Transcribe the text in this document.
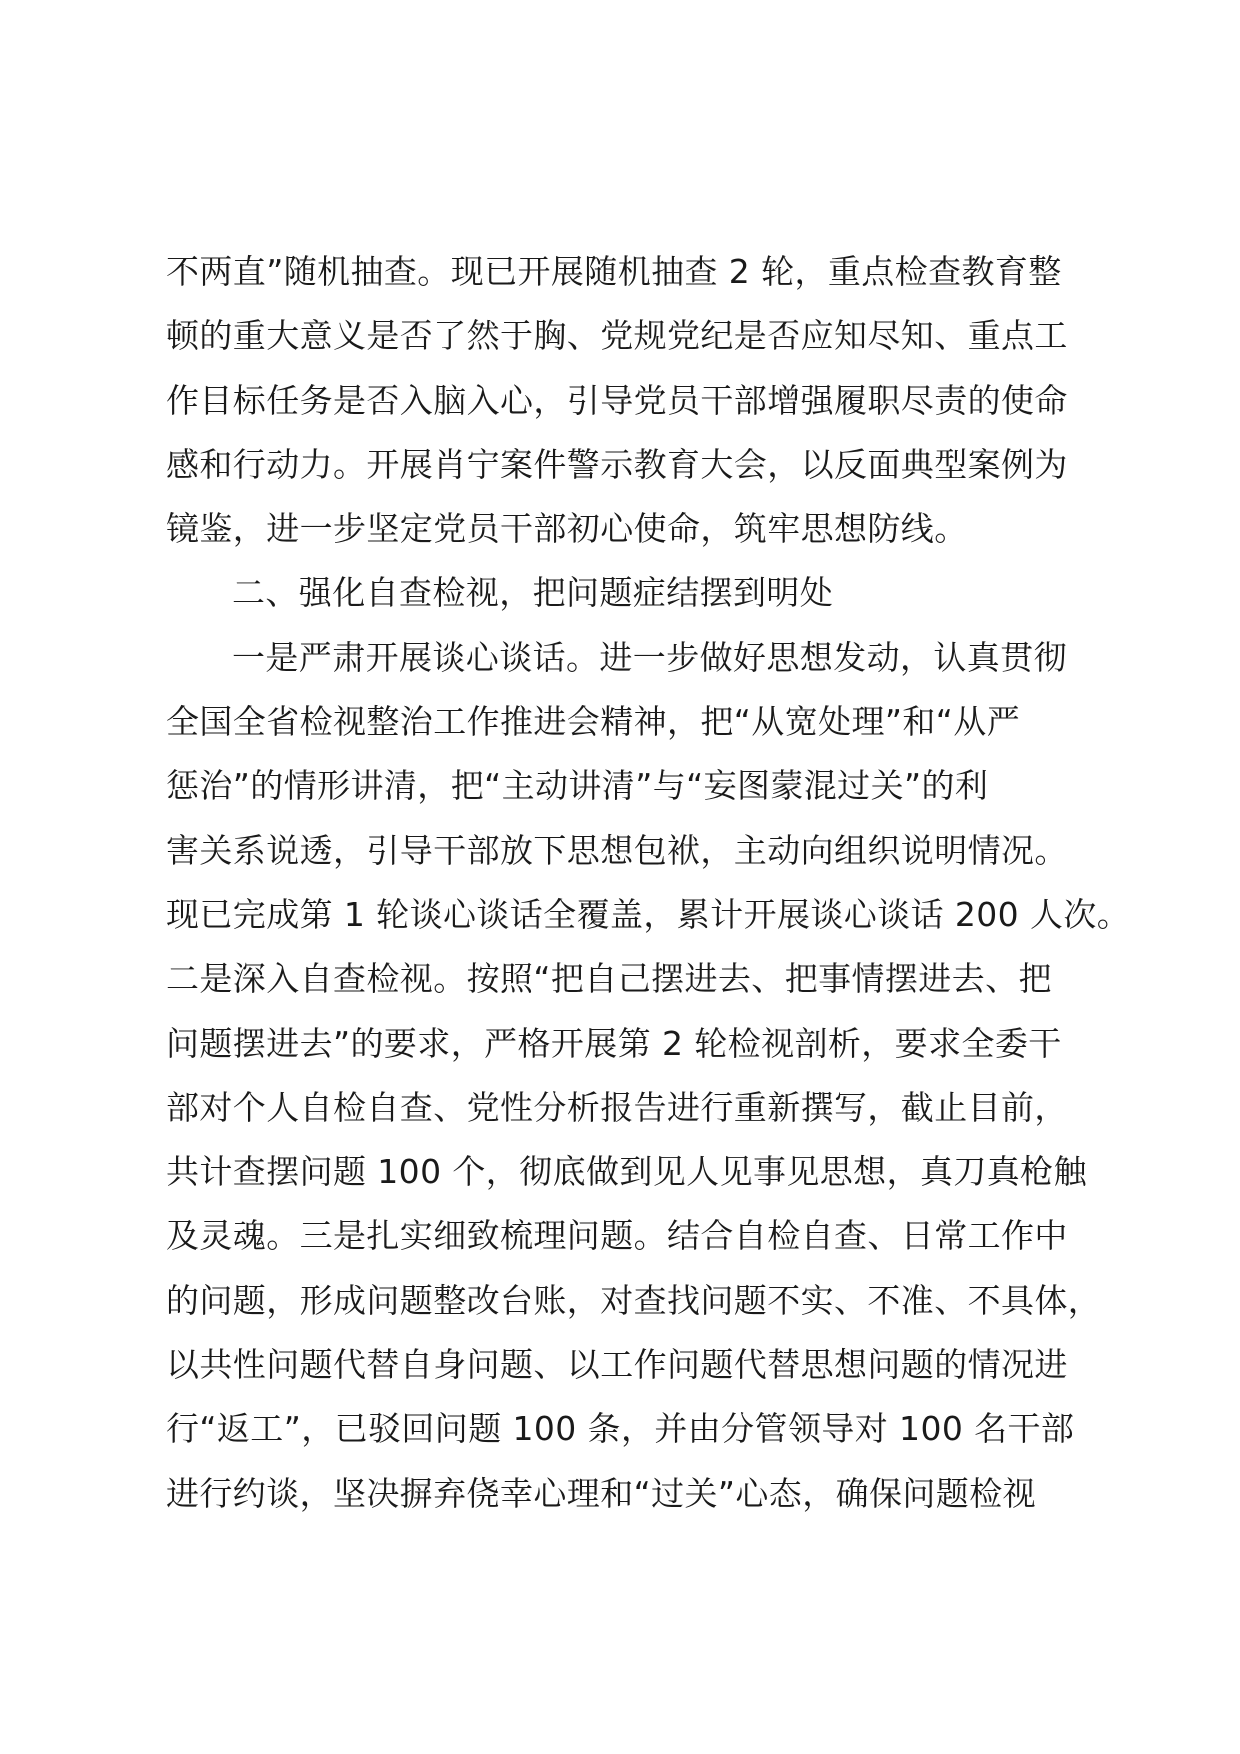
不两直”随机抽查。现已开展随机抽查 2 轮，重点检查教育整
顿的重大意义是否了然于胸、党规党纪是否应知尽知、重点工
作目标任务是否入脑入心，引导党员干部增强履职尽责的使命
感和行动力。开展肖宁案件警示教育大会，以反面典型案例为
镜鉴，进一步坚定党员干部初心使命，筑牢思想防线。
二、强化自查检视，把问题症结摆到明处
一是严肃开展谈心谈话。进一步做好思想发动，认真贯彻
全国全省检视整治工作推进会精神，把“从宽处理”和“从严
惩治”的情形讲清，把“主动讲清”与“妄图蒙混过关”的利
害关系说透，引导干部放下思想包袱，主动向组织说明情况。
现已完成第 1 轮谈心谈话全覆盖，累计开展谈心谈话 200 人次。
二是深入自查检视。按照“把自己摆进去、把事情摆进去、把
问题摆进去”的要求，严格开展第 2 轮检视剖析，要求全委干
部对个人自检自查、党性分析报告进行重新撰写，截止目前，
共计查摆问题 100 个，彻底做到见人见事见思想，真刀真枪触
及灵魂。三是扎实细致梳理问题。结合自检自查、日常工作中
的问题，形成问题整改台账，对查找问题不实、不准、不具体，
以共性问题代替自身问题、以工作问题代替思想问题的情况进
行“返工”，已驳回问题 100 条，并由分管领导对 100 名干部
进行约谈，坚决摒弃侥幸心理和“过关”心态，确保问题检视
